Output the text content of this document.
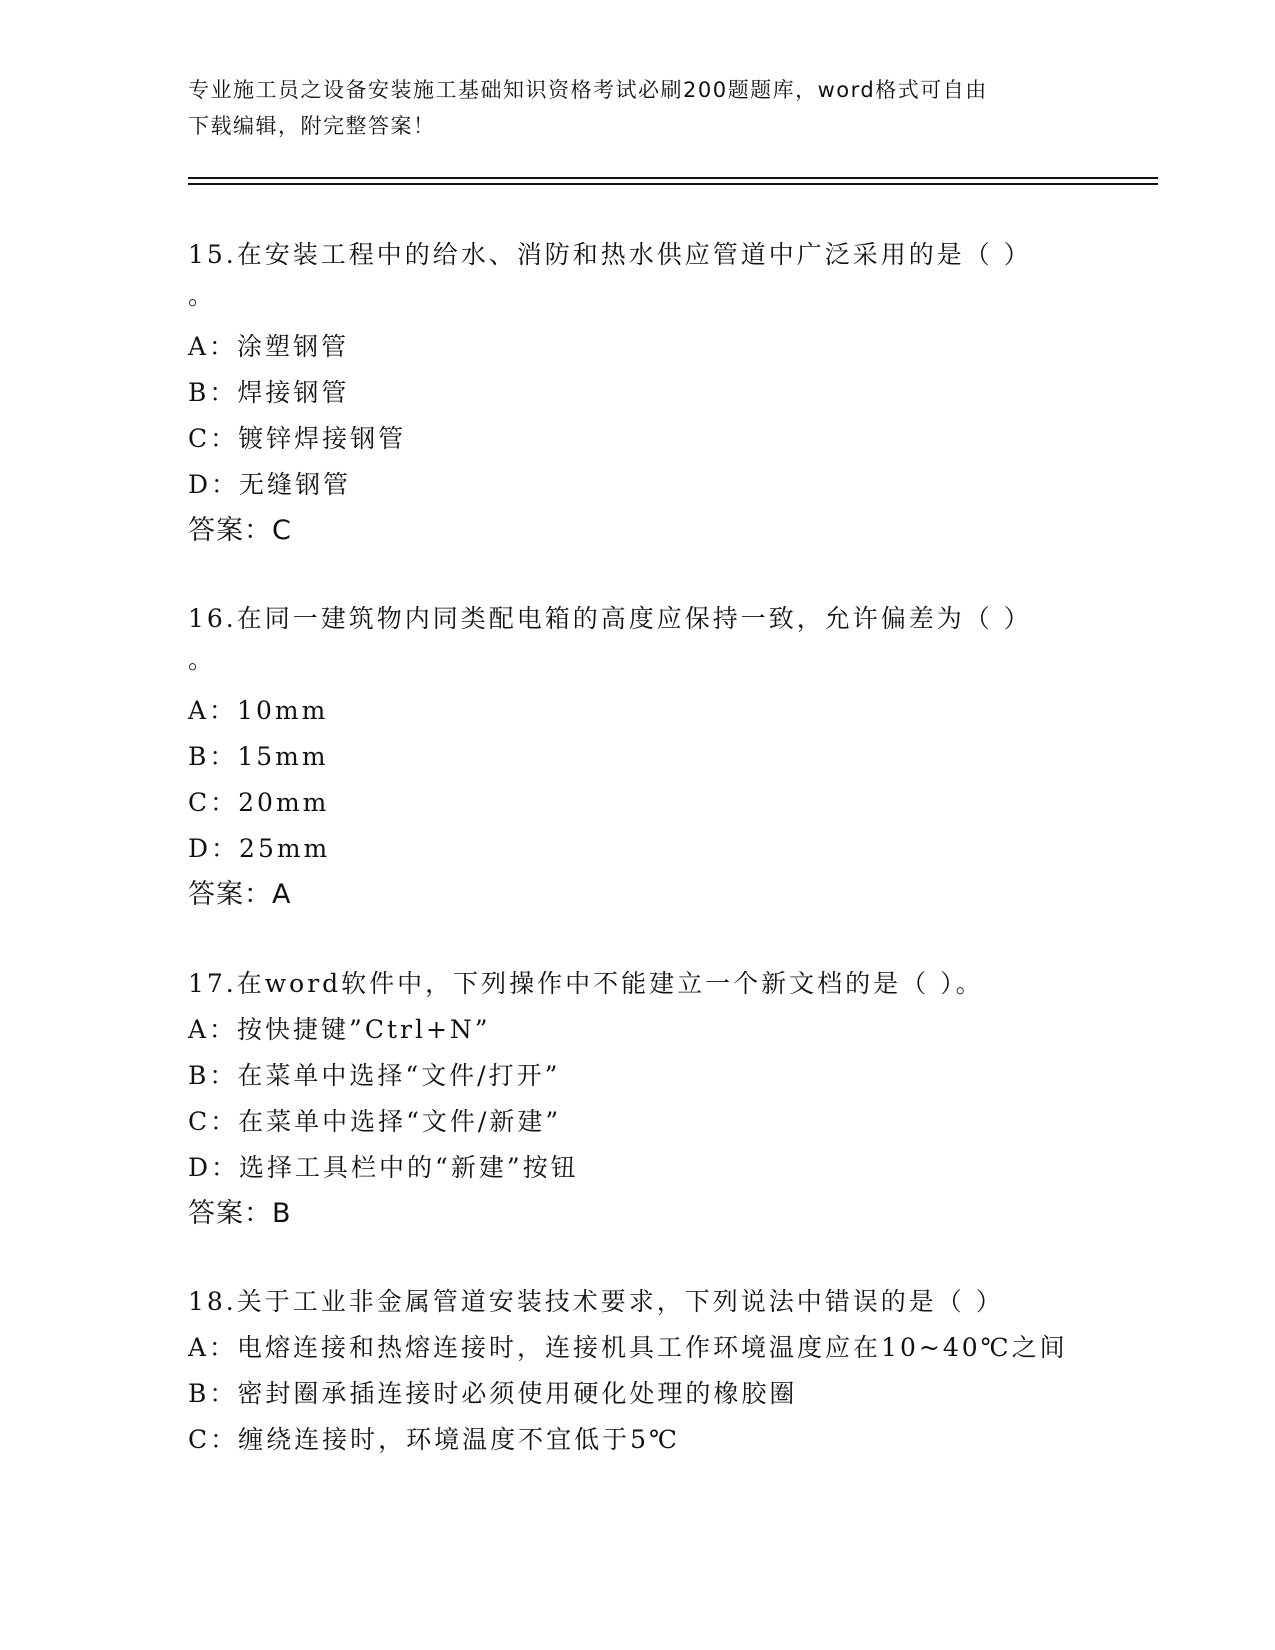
专业施工员之设备安装施工基础知识资格考试必刷200题题库，word格式可自由
下载编辑，附完整答案！
15.在安装工程中的给水、消防和热水供应管道中广泛采用的是（ ）
。
A：涂塑钢管
B：焊接钢管
C：镀锌焊接钢管
D：无缝钢管
答案：C
16.在同一建筑物内同类配电箱的高度应保持一致，允许偏差为（ ）
。
A：10mm
B：15mm
C：20mm
D：25mm
答案：A
17.在word软件中，下列操作中不能建立一个新文档的是（ ）。
A：按快捷键”Ctrl+N”
B：在菜单中选择“文件/打开”
C：在菜单中选择“文件/新建”
D：选择工具栏中的“新建”按钮
答案：B
18.关于工业非金属管道安装技术要求，下列说法中错误的是（ ）
A：电熔连接和热熔连接时，连接机具工作环境温度应在10~40℃之间
B：密封圈承插连接时必须使用硬化处理的橡胶圈
C：缠绕连接时，环境温度不宜低于5℃
